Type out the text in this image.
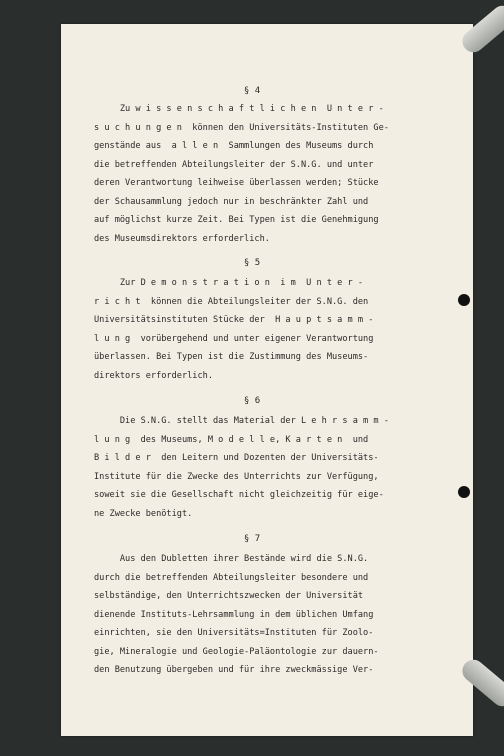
§ 4
Zu w i s s e n s c h a f t l i c h e n  U n t e r -
s u c h u n g e n  können den Universitäts-Instituten Ge-
genstände aus  a l l e n  Sammlungen des Museums durch
die betreffenden Abteilungsleiter der S.N.G. und unter
deren Verantwortung leihweise überlassen werden; Stücke
der Schausammlung jedoch nur in beschränkter Zahl und
auf möglichst kurze Zeit. Bei Typen ist die Genehmigung
des Museumsdirektors erforderlich.
§ 5
Zur D e m o n s t r a t i o n  i m  U n t e r -
r i c h t  können die Abteilungsleiter der S.N.G. den
Universitätsinstituten Stücke der  H a u p t s a m m -
l u n g  vorübergehend und unter eigener Verantwortung
überlassen. Bei Typen ist die Zustimmung des Museums-
direktors erforderlich.
§ 6
Die S.N.G. stellt das Material der L e h r s a m m -
l u n g  des Museums, M o d e l l e, K a r t e n  und
B i l d e r  den Leitern und Dozenten der Universitäts-
Institute für die Zwecke des Unterrichts zur Verfügung,
soweit sie die Gesellschaft nicht gleichzeitig für eige-
ne Zwecke benötigt.
§ 7
Aus den Dubletten ihrer Bestände wird die S.N.G.
durch die betreffenden Abteilungsleiter besondere und
selbständige, den Unterrichtszwecken der Universität
dienende Instituts-Lehrsammlung in dem üblichen Umfang
einrichten, sie den Universitäts=Instituten für Zoolo-
gie, Mineralogie und Geologie-Paläontologie zur dauern-
den Benutzung übergeben und für ihre zweckmässige Ver-
